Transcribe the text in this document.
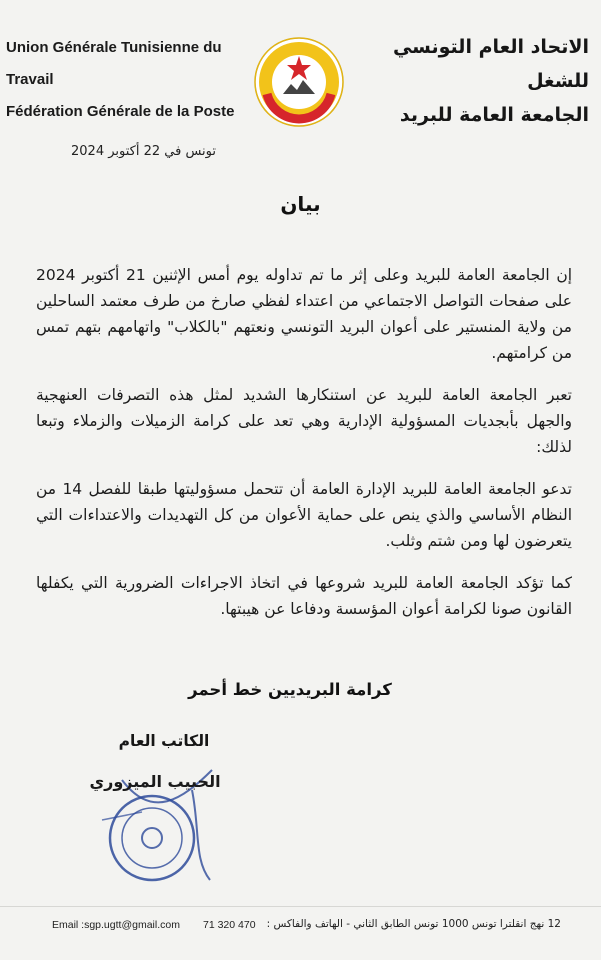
Union Générale Tunisienne du Travail
Fédération Générale de la Poste
الاتحاد العام التونسي للشغل
الجامعة العامة للبريد
تونس في 22 أكتوبر 2024
بيان

إن الجامعة العامة للبريد وعلى إثر ما تم تداوله يوم أمس الإثنين 21 أكتوبر 2024 على صفحات التواصل الاجتماعي من اعتداء لفظي صارخ من طرف معتمد الساحلين من ولاية المنستير على أعوان البريد التونسي ونعتهم "بالكلاب" واتهامهم بتهم تمس من كرامتهم.

تعبر الجامعة العامة للبريد عن استنكارها الشديد لمثل هذه التصرفات العنهجية والجهل بأبجديات المسؤولية الإدارية وهي تعد على كرامة الزميلات والزملاء وتبعا لذلك:

تدعو الجامعة العامة للبريد الإدارة العامة أن تتحمل مسؤوليتها طبقا للفصل 14 من النظام الأساسي والذي ينص على حماية الأعوان من كل التهديدات والاعتداءات التي يتعرضون لها ومن شتم وثلب.

كما تؤكد الجامعة العامة للبريد شروعها في اتخاذ الاجراءات الضرورية التي يكفلها القانون صونا لكرامة أعوان المؤسسة ودفاعا عن هيبتها.

كرامة البريديين خط أحمر
الكاتب العام
الحبيب الميزوري
Email :sgp.ugtt@gmail.com 71 320 470	12 نهج انقلترا تونس 1000 تونس الطابق الثاني - الهاتف والفاكس :
